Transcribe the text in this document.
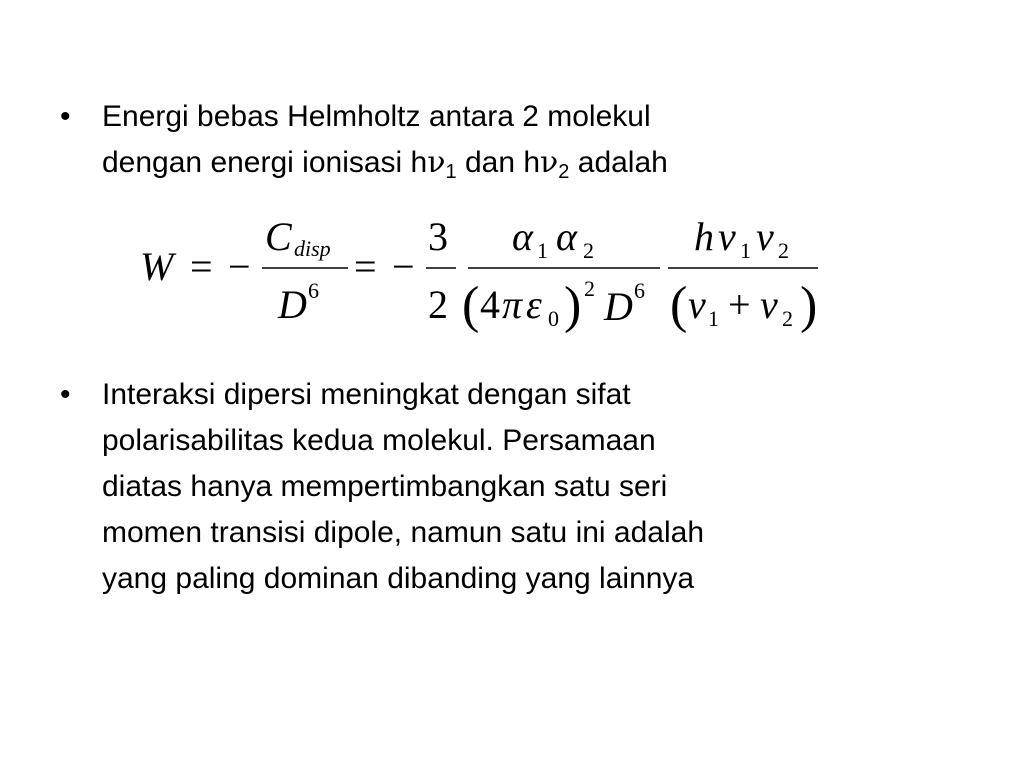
• Energi bebas Helmholtz antara 2 molekul
dengan energi ionisasi $h\nu_1$ dan $h\nu_2$ adalah
W = −
C disp
D 6
= −
3
2
α 1 α 2
( 4 π ε 0 ) 2 D 6
h ν 1 ν 2
( ν 1 + ν 2 )
• Interaksi dipersi meningkat dengan sifat
polarisabilitas kedua molekul. Persamaan
diatas hanya mempertimbangkan satu seri
momen transisi dipole, namun satu ini adalah
yang paling dominan dibanding yang lainnya
